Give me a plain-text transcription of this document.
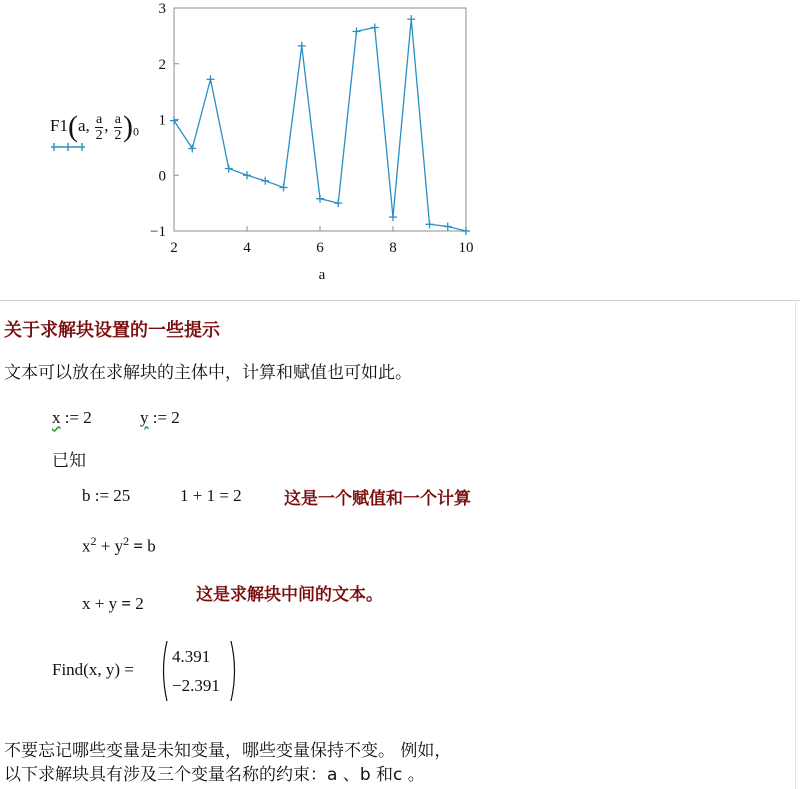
2	4	6	8	10
3
2
1
0
−1
a
F1(a, $\frac{a}{2}$ , $\frac{a}{2} )_0$
关于求解块设置的一些提示
文本可以放在求解块的主体中，计算和赋值也可如此。
x := 2	y := 2
已知
b := 25	1 + 1 = 2 这是一个赋值和一个计算
$x^2 + y^2 = b$
这是求解块中间的文本。
x + y = 2
Find(x, y) =
4.391
−2.391
不要忘记哪些变量是未知变量，哪些变量保持不变。 例如，
以下求解块具有涉及三个变量名称的约束：a 、b 和c 。
